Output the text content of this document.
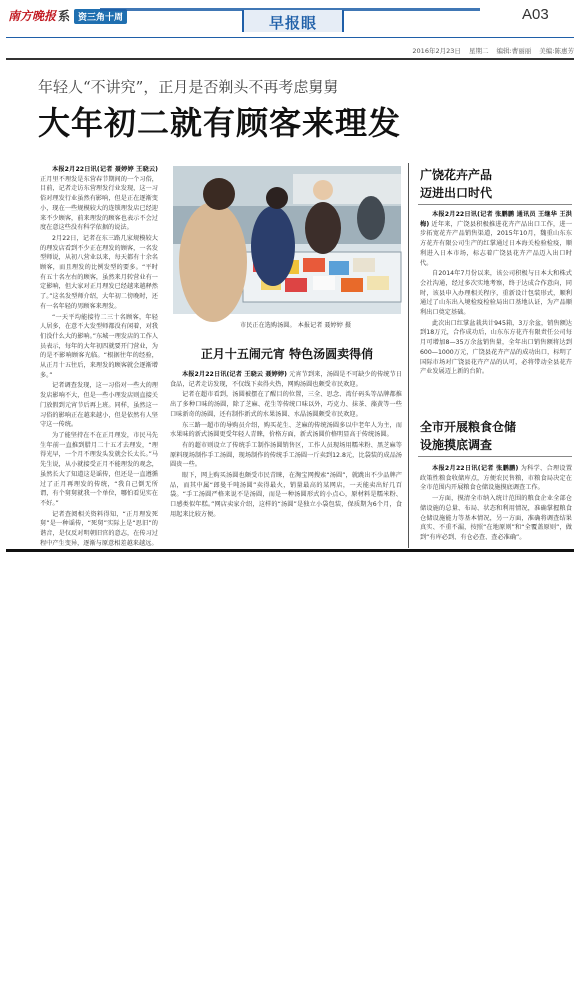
南方晚报 系 资三角十周	早报眼	A03
2016年2月23日 星期二 编辑:曹丽丽 美编:陈惠芳
年轻人“不讲究”，正月是否剃头不再考虑舅舅
大年初二就有顾客来理发

本报2月22日讯(记者 聂婷婷 王晓云) 正月里不理发是东营春节期间的一个习俗，目前，记者走访东营理发行业发现，这一习俗对理发行业虽然有影响，但是正在逐渐变小，现在一些规模较大的连锁理发店已经迎来不少顾客，前来理发的顾客也表示不会过度在意这些没有科学依据的说法。

2月22日，记者在东三路几家规模较大的理发店看到不少正在理发的顾客，一名发型师说，从初八营业以来，每天都有十余名顾客，而且理发的比例发型的要多。“平时有五十名左右的顾客，虽然来月转营业有一定影响，但大家对正月理发已经越来越释然了。”这名发型师介绍，大年初二傍晚时，还有一名年轻的男顾客来理发。

“一天平均能接待二三十名顾客，年轻人居多，在意不大发型师都没有闲着，对我们没什么大的影响。”东城一理发店的工作人员表示，每年的大年初四就要开门营业，为的是不影响顾客光临。“根据往年的经验，从正月十五往后，来理发的顾客就会逐渐增多。”

记者调查发现，这一习俗对一些大的理发店影响不大，但是一些小理发店则直接关门放假到元宵节后再上班。同样，虽然这一习俗的影响正在越来越小，但是依然有人坚守这一传统。

为了能坚持在不在正月理发，市民马先生年前一直推到腊月二十五才去理发，“理得光早，一个月不理发头发就会长太长。”马先生说，从小就接受正月不能理发的观念，虽然长大了知道这是谣传，但还是一直遵循过了正月再理发的传统，“我自己倒无所谓，有个舅舅就我一个单位，哪怕看见实在不好。”

记者查阅相关资料得知，“正月理发死舅”是一种谣传，“死舅”实际上是“思旧”的谐音，是仅反对明朝旧官的意志，在传习过程中产生变异，逐渐与原意相差越来越远。

市民正在选购汤圆。 本报记者 聂婷婷 摄
正月十五闹元宵 特色汤圆卖得俏

本报2月22日讯(记者 王晓云 聂婷婷) 元宵节到来，汤圆是不可缺少的传统节日食品，记者走访发现，不仅线下卖得火热，网购汤圆也颇受市民欢迎。

记者在超市看到，汤圆被摆在了醒目的位置，三全、思念、湾仔码头等品牌都推出了多种口味的汤圆，除了芝麻、花生等传统口味以外，巧克力、抹茶、藻黄等一些口味新奇的汤圆，还有制作新式的水果汤圆、水晶汤圆颇受市民欢迎。

东三路一超市的导购员介绍，购买花生、芝麻的传统汤圆多以中老年人为主，而水果味的新式汤圆更受年轻人青睐，价格方面，新式汤圆价格明显高于传统汤圆。

有的超市则设立了传统手工制作汤圆销售区，工作人员现场用糯米粉、黑芝麻等原料现场制作手工汤圆，现场制作的传统手工汤圆一斤卖到12.8元，比袋装的成品汤圆贵一些。

眼下，网上购买汤圆也颇受市民青睐，在淘宝网搜索“汤圆”，就跳出不少品牌产品，而其中属“郎曼千吨汤圆”卖得最火，销量最高的某网店，一天能卖出好几百袋。“手工汤圆严格来说不是汤圆，而是一种汤圆形式的小点心，原材料是糯米粉、口感类似年糕。”网店卖家介绍，这样的“汤圆”是独立小袋包装，保质期为6个月，食用起来比较方便。

广饶花卉产品
迈进出口时代

本报2月22日讯(记者 张鹏鹏 通讯员 王继华 王洪梅) 近年来，广饶县积极推进花卉产品出口工作，进一步拓宽花卉产品销售渠道，2015年10月，魏重山东东方花卉有限公司生产的红掌通过日本海关检验检疫，顺利进入日本市场，标志着广饶县花卉产品迈入出口时代。

自2014年7月份以来，该公司积极与日本大和株式会社沟通，经过多次实地考察，终于达成合作意向，同时，该县申入办理相关程序，重新设计包装形式，顺利通过了山东出入境检疫检验局出口基地认证，为产品顺利出口奠定基础。

此次出口红掌盆栽共计945箱，3万余盆，销售额达到18万元，合作成功后，山东东方花卉有限责任公司每月可增加8—35万余盆销售量，全年出口销售额将达到600—1000万元，广饶县花卉产品的成功出口，标明了国际市场对广饶县花卉产品的认可，必将带动全县花卉产业发展迈上新的台阶。

全市开展粮食仓储
设施摸底调查

本报2月22日讯(记者 张鹏鹏) 为科学、合理设置政策性粮食收储库点，方便农民售粮，市粮食局决定在全市范围内开展粮食仓储设施摸底调查工作。

一方面，摸清全市纳入统计范围的粮食企业全部仓储设施的总量、布局、状态和利用情况，准确掌握粮食仓储设施能力等基本情况，另一方面，准确将调查结果真实、不重不漏，按照“在地原则”和“全覆盖原则”，做到“有库必到、有仓必查、查必准确”。
